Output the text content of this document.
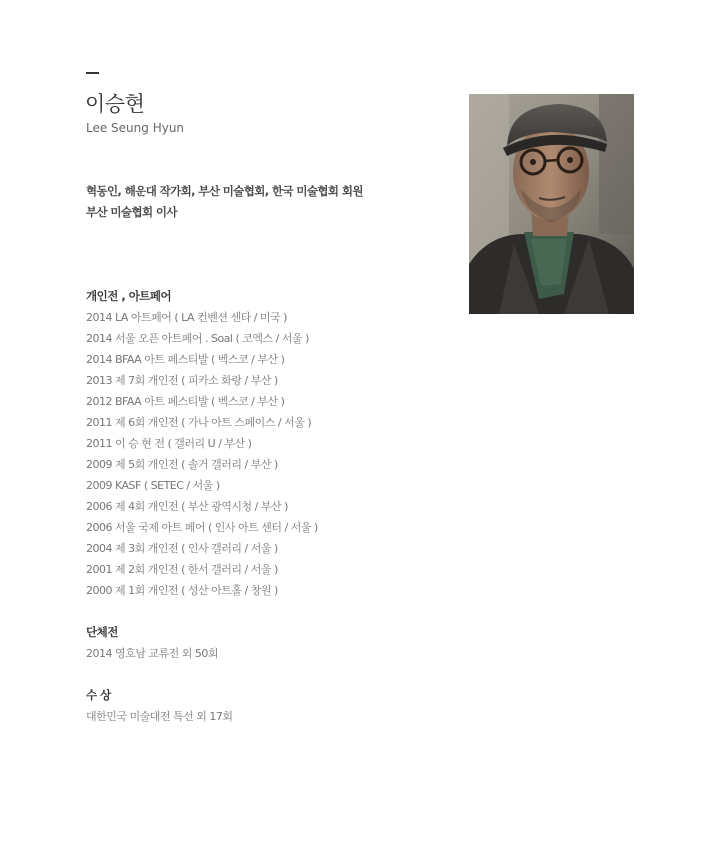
이승현
Lee Seung Hyun
혁동인, 해운대 작가회, 부산 미술협회, 한국 미술협회 회원
부산 미술협회 이사
개인전 , 아트페어
2014 LA 아트페어 ( LA 컨벤션 센타 / 미국 )
2014 서울 오픈 아트페어 . Soal ( 코엑스 / 서울 )
2014 BFAA 아트 페스티발 ( 벡스코 / 부산 )
2013 제 7회 개인전 ( 피카소 화랑 / 부산 )
2012 BFAA 아트 페스티발 ( 벡스코 / 부산 )
2011 제 6회 개인전 ( 가나 아트 스페이스 / 서울 )
2011 이 승 현 전 ( 갤러리 U / 부산 )
2009 제 5회 개인전 ( 솔거 갤러리 / 부산 )
2009 KASF ( SETEC / 서울 )
2006 제 4회 개인전 ( 부산 광역시청 / 부산 )
2006 서울 국제 아트 페어 ( 인사 아트 센터 / 서울 )
2004 제 3회 개인전 ( 인사 갤러리 / 서울 )
2001 제 2회 개인전 ( 한서 갤러리 / 서울 )
2000 제 1회 개인전 ( 성산 아트홀 / 창원 )
단체전
2014 영호남 교류전 외 50회
수 상
대한민국 미술대전 특선 외 17회
